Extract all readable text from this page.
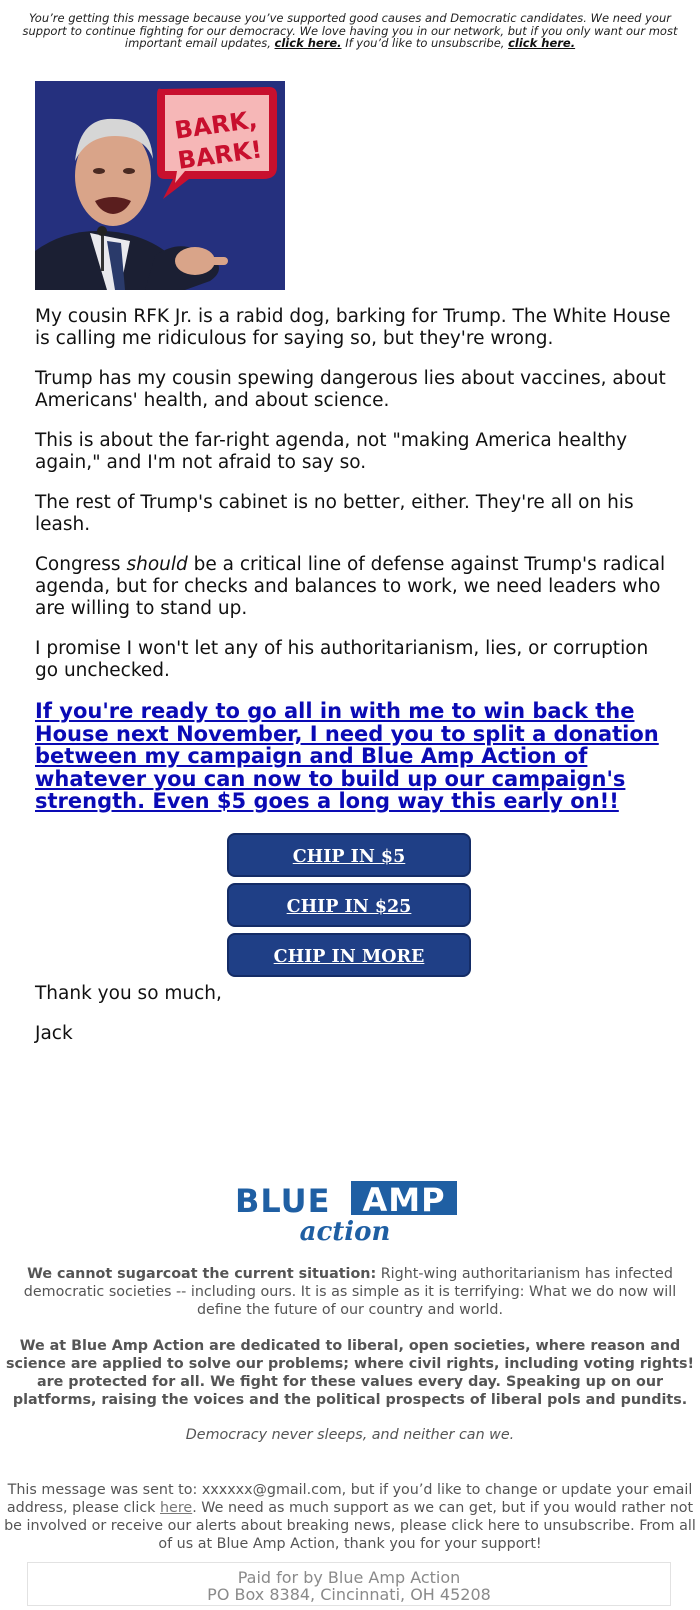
You’re getting this message because you’ve supported good causes and Democratic candidates. We need your support to continue fighting for our democracy. We love having you in our network, but if you only want our most important email updates, click here. If you’d like to unsubscribe, click here.
BARK,
BARK!

My cousin RFK Jr. is a rabid dog, barking for Trump. The White House is calling me ridiculous for saying so, but they're wrong.

Trump has my cousin spewing dangerous lies about vaccines, about Americans' health, and about science.

This is about the far-right agenda, not "making America healthy again," and I'm not afraid to say so.

The rest of Trump's cabinet is no better, either. They're all on his leash.

Congress should be a critical line of defense against Trump's radical agenda, but for checks and balances to work, we need leaders who are willing to stand up.

I promise I won't let any of his authoritarianism, lies, or corruption go unchecked.

If you're ready to go all in with me to win back the House next November, I need you to split a donation between my campaign and Blue Amp Action of whatever you can now to build up our campaign's strength. Even $5 goes a long way this early on!!
CHIP IN $5
CHIP IN $25
CHIP IN MORE

Thank you so much,

Jack

BLUE AMP
action
We cannot sugarcoat the current situation: Right-wing authoritarianism has infected democratic societies -- including ours. It is as simple as it is terrifying: What we do now will define the future of our country and world.
We at Blue Amp Action are dedicated to liberal, open societies, where reason and science are applied to solve our problems; where civil rights, including voting rights! are protected for all. We fight for these values every day. Speaking up on our platforms, raising the voices and the political prospects of liberal pols and pundits.
Democracy never sleeps, and neither can we.
This message was sent to: xxxxxx@gmail.com, but if you’d like to change or update your email address, please click here. We need as much support as we can get, but if you would rather not be involved or receive our alerts about breaking news, please click here to unsubscribe. From all of us at Blue Amp Action, thank you for your support!
Paid for by Blue Amp Action
PO Box 8384, Cincinnati, OH 45208
